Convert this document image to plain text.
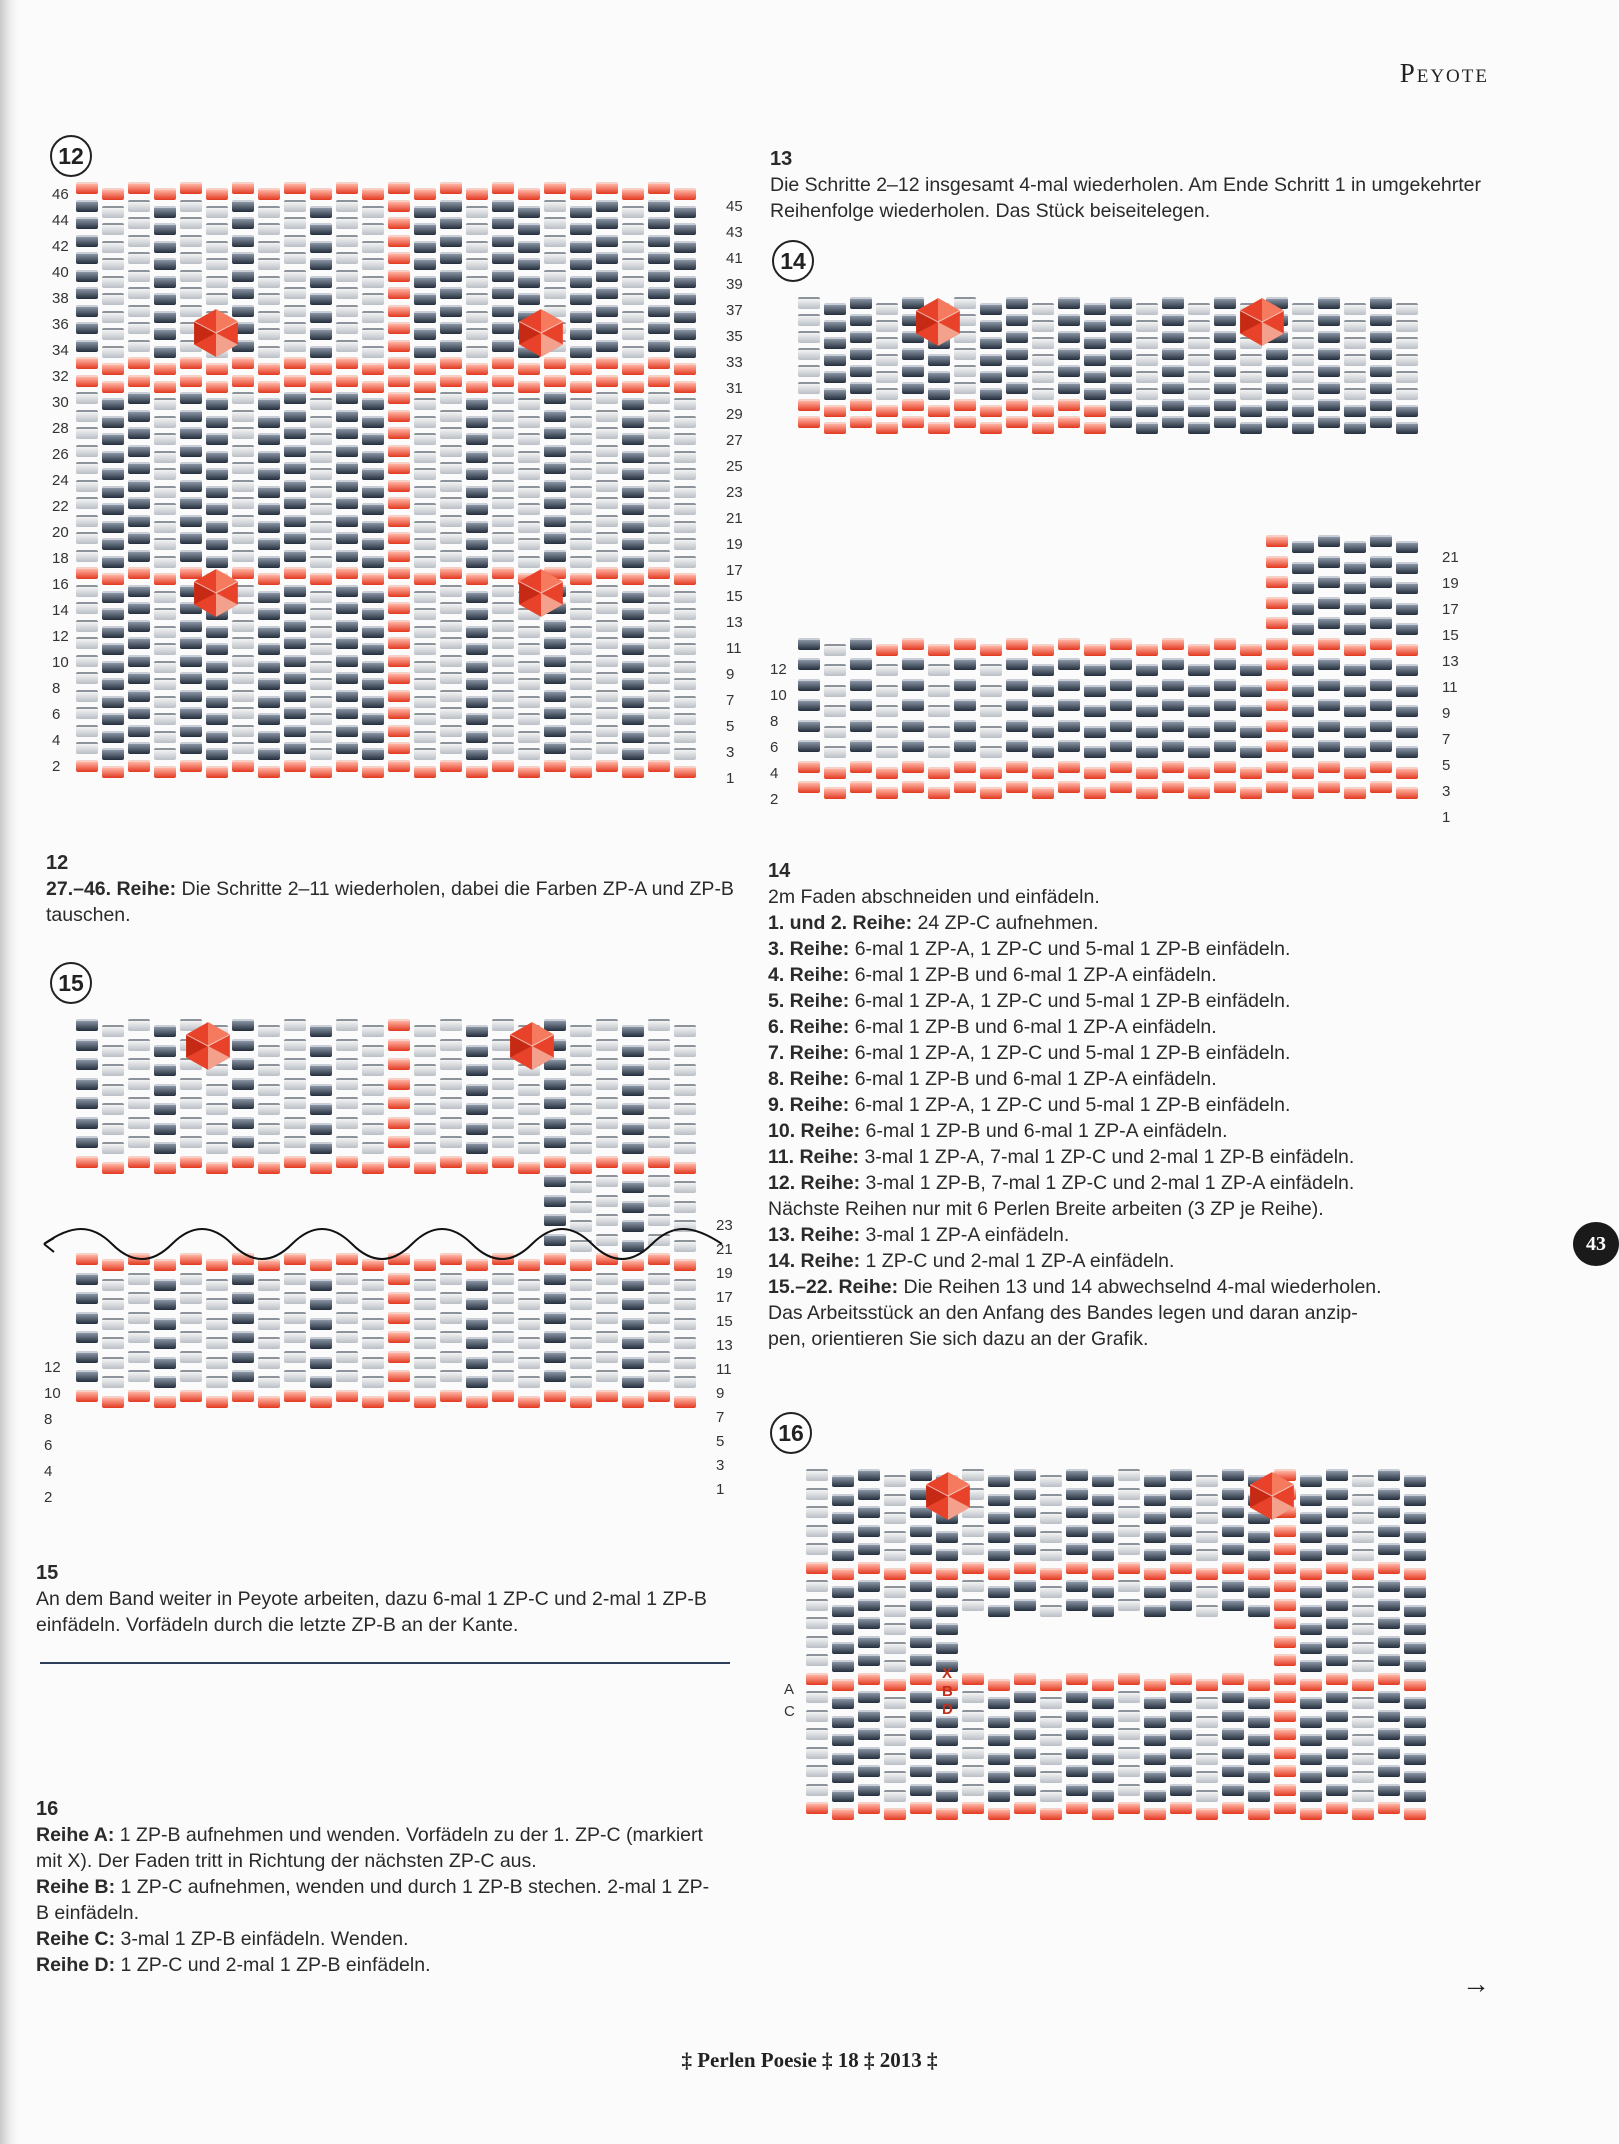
Peyote
12
46
44
42
40
38
36
34
32
30
28
26
24
22
20
18
16
14
12
10
8
6
4
2
45
43
41
39
37
35
33
31
29
27
25
23
21
19
17
15
13
11
9
7
5
3
1
12
27.–46. Reihe: Die Schritte 2–11 wiederholen, dabei die Farben ZP-A und ZP-B tauschen.
15
12
10
8
6
4
2
23
21
19
17
15
13
11
9
7
5
3
1
15
An dem Band weiter in Peyote arbeiten, dazu 6-mal 1 ZP-C und 2-mal 1 ZP-B einfädeln. Vorfädeln durch die letzte ZP-B an der Kante.
16
Reihe A: 1 ZP-B aufnehmen und wenden. Vorfädeln zu der 1. ZP-C (markiert mit X). Der Faden tritt in Richtung der nächsten ZP-C aus.
Reihe B: 1 ZP-C aufnehmen, wenden und durch 1 ZP-B stechen. 2-mal 1 ZP-B einfädeln.
Reihe C: 3-mal 1 ZP-B einfädeln. Wenden.
Reihe D: 1 ZP-C und 2-mal 1 ZP-B einfädeln.
13
Die Schritte 2–12 insgesamt 4-mal wiederholen. Am Ende Schritt 1 in umgekehrter Reihenfolge wiederholen. Das Stück beiseitelegen.
14
12
10
8
6
4
2
21
19
17
15
13
11
9
7
5
3
1
14
2m Faden abschneiden und einfädeln.
1. und 2. Reihe: 24 ZP-C aufnehmen.
3. Reihe: 6-mal 1 ZP-A, 1 ZP-C und 5-mal 1 ZP-B einfädeln.
4. Reihe: 6-mal 1 ZP-B und 6-mal 1 ZP-A einfädeln.
5. Reihe: 6-mal 1 ZP-A, 1 ZP-C und 5-mal 1 ZP-B einfädeln.
6. Reihe: 6-mal 1 ZP-B und 6-mal 1 ZP-A einfädeln.
7. Reihe: 6-mal 1 ZP-A, 1 ZP-C und 5-mal 1 ZP-B einfädeln.
8. Reihe: 6-mal 1 ZP-B und 6-mal 1 ZP-A einfädeln.
9. Reihe: 6-mal 1 ZP-A, 1 ZP-C und 5-mal 1 ZP-B einfädeln.
10. Reihe: 6-mal 1 ZP-B und 6-mal 1 ZP-A einfädeln.
11. Reihe: 3-mal 1 ZP-A, 7-mal 1 ZP-C und 2-mal 1 ZP-B einfädeln.
12. Reihe: 3-mal 1 ZP-B, 7-mal 1 ZP-C und 2-mal 1 ZP-A einfädeln.
Nächste Reihen nur mit 6 Perlen Breite arbeiten (3 ZP je Reihe).
13. Reihe: 3-mal 1 ZP-A einfädeln.
14. Reihe: 1 ZP-C und 2-mal 1 ZP-A einfädeln.
15.–22. Reihe: Die Reihen 13 und 14 abwechselnd 4-mal wiederholen.
Das Arbeitsstück an den Anfang des Bandes legen und daran anzip-
pen, orientieren Sie sich dazu an der Grafik.
43
16
A
C
X
B
D
→
‡ Perlen Poesie ‡ 18 ‡ 2013 ‡
